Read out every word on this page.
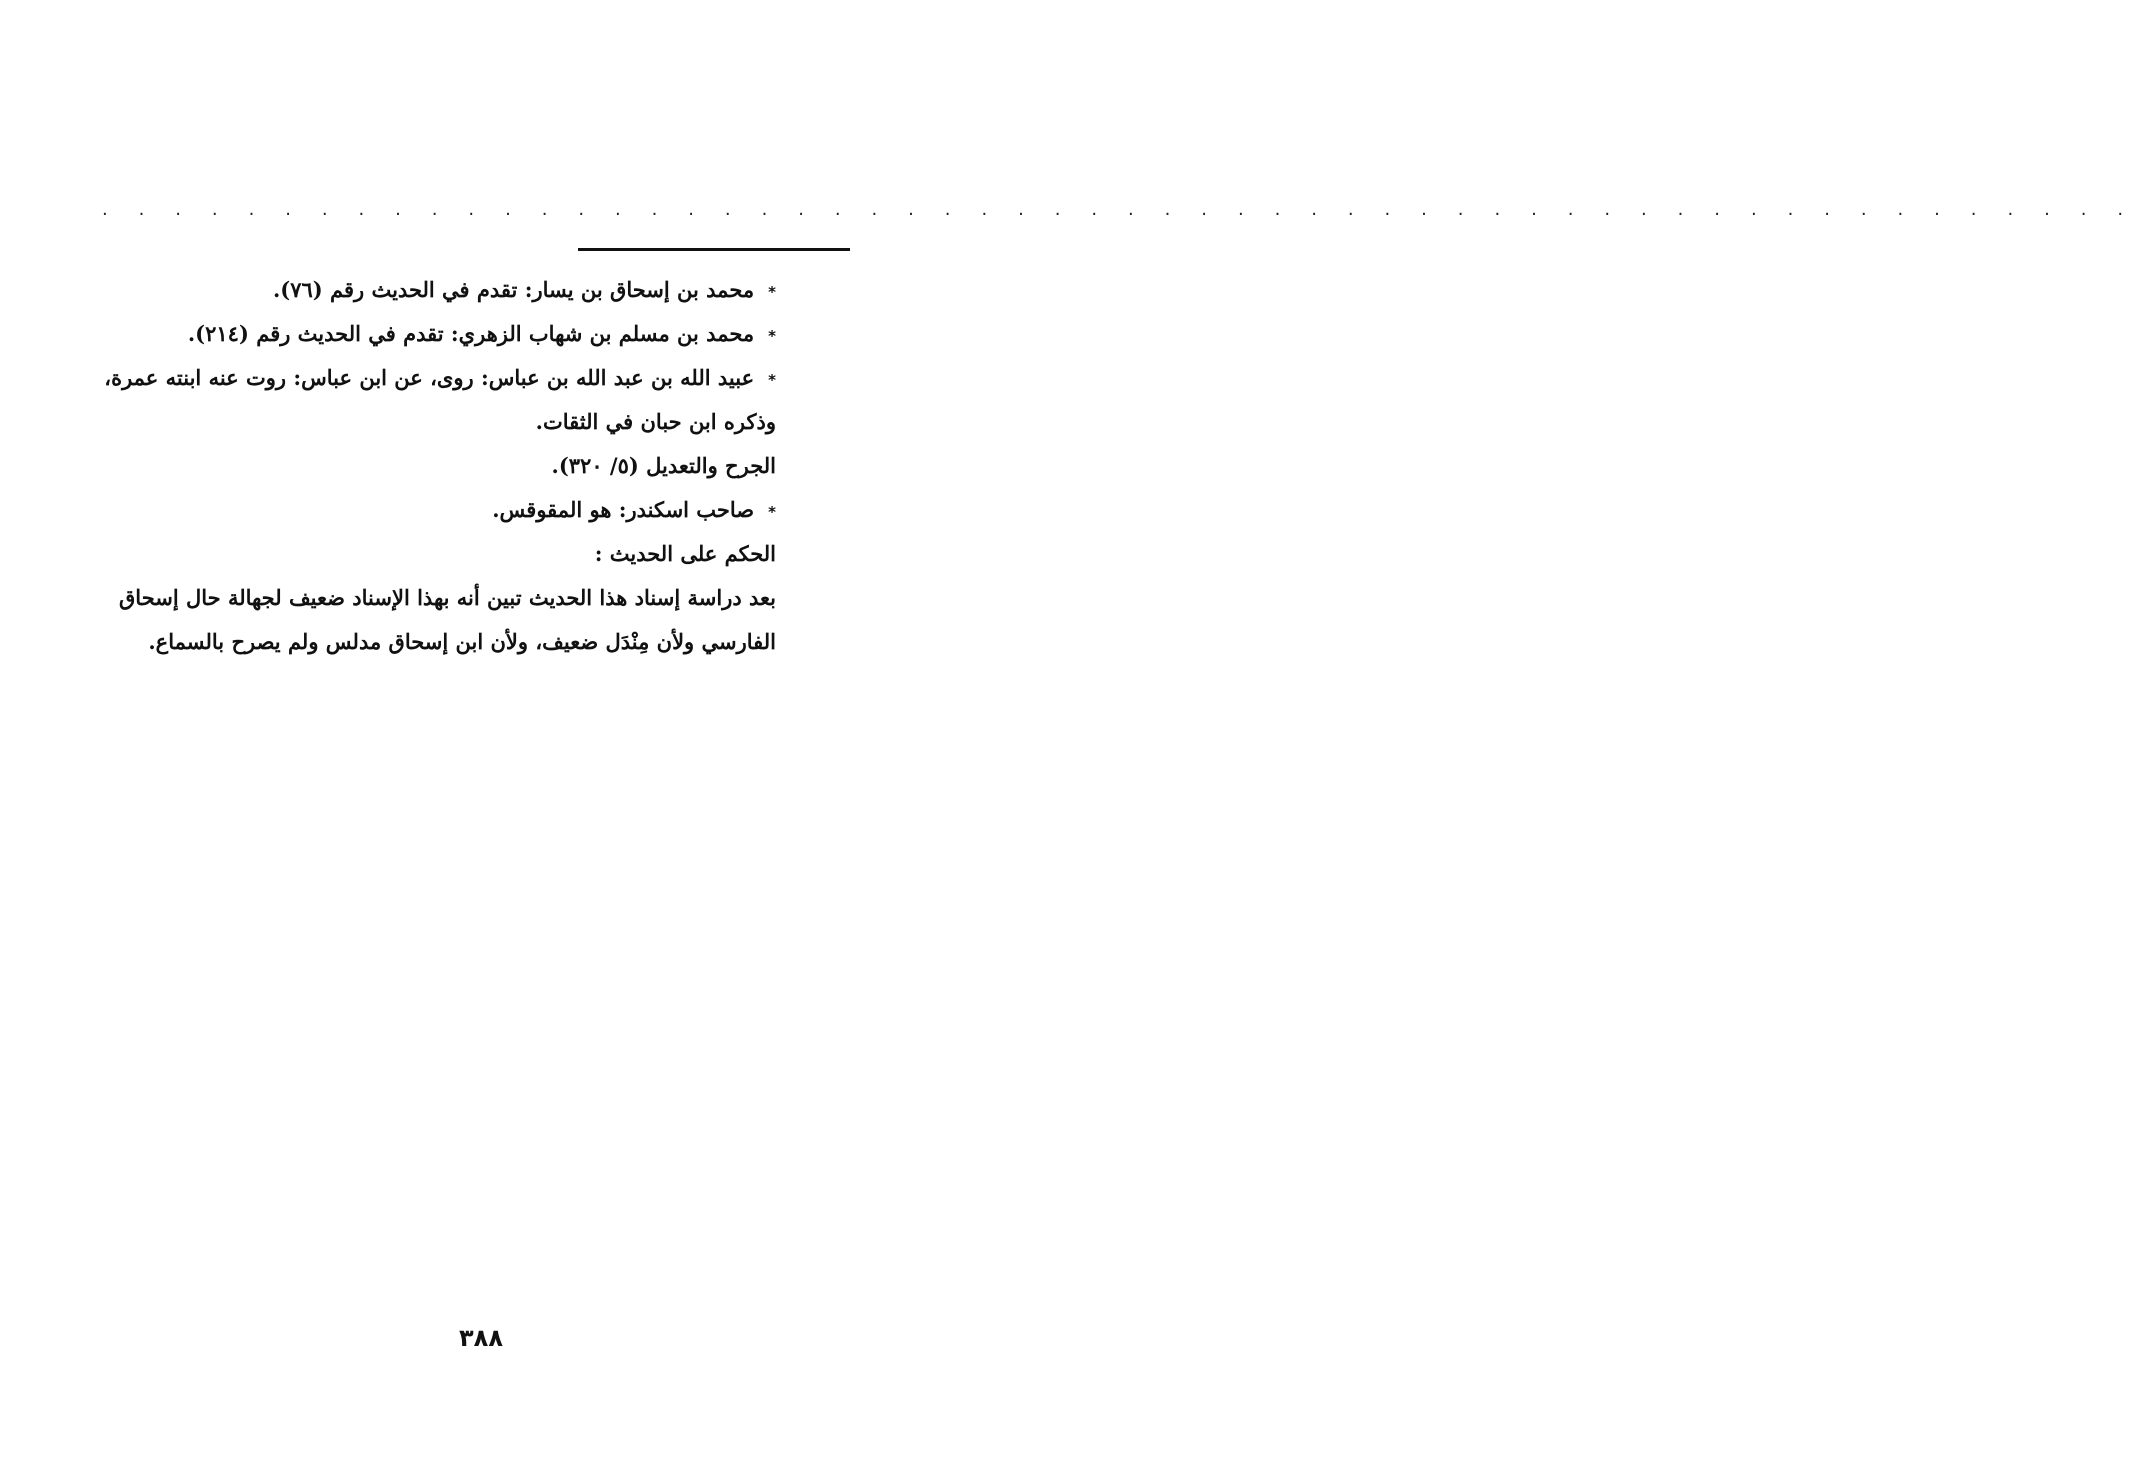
. . . . . . . . . . . . . . . . . . . . . . . . . . . . . . . . . . . . . . . . . . . . . . . . . . . . . . . .
*محمد بن إسحاق بن يسار: تقدم في الحديث رقم (٧٦).
*محمد بن مسلم بن شهاب الزهري: تقدم في الحديث رقم (٢١٤).
*عبيد الله بن عبد الله بن عباس: روى، عن ابن عباس: روت عنه ابنته عمرة،
وذكره ابن حبان في الثقات.
الجرح والتعديل (٥/ ٣٢٠).
*صاحب اسكندر: هو المقوقس.
الحكم على الحديث :
بعد دراسة إسناد هذا الحديث تبين أنه بهذا الإسناد ضعيف لجهالة حال إسحاق
الفارسي ولأن مِنْدَل ضعيف، ولأن ابن إسحاق مدلس ولم يصرح بالسماع.
٣٨٨
